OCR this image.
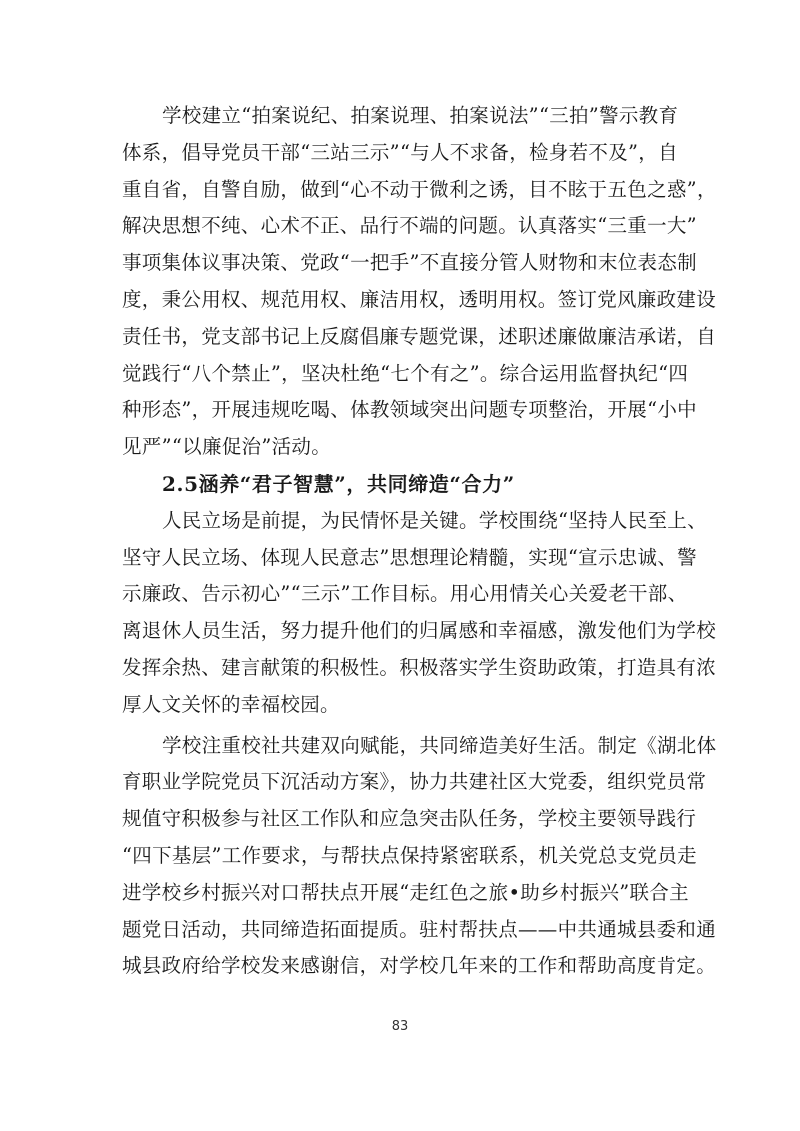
学校建立“拍案说纪、拍案说理、拍案说法”“三拍”警示教育
体系，倡导党员干部“三站三示”“与人不求备，检身若不及”，自
重自省，自警自励，做到“心不动于微利之诱，目不眩于五色之惑”，
解决思想不纯、心术不正、品行不端的问题。认真落实“三重一大”
事项集体议事决策、党政“一把手”不直接分管人财物和末位表态制
度，秉公用权、规范用权、廉洁用权，透明用权。签订党风廉政建设
责任书，党支部书记上反腐倡廉专题党课，述职述廉做廉洁承诺，自
觉践行“八个禁止”，坚决杜绝“七个有之”。综合运用监督执纪“四
种形态”，开展违规吃喝、体教领域突出问题专项整治，开展“小中
见严”“以廉促治”活动。
2.5涵养“君子智慧”，共同缔造“合力”
人民立场是前提，为民情怀是关键。学校围绕“坚持人民至上、
坚守人民立场、体现人民意志”思想理论精髓，实现“宣示忠诚、警
示廉政、告示初心”“三示”工作目标。用心用情关心关爱老干部、
离退休人员生活，努力提升他们的归属感和幸福感，激发他们为学校
发挥余热、建言献策的积极性。积极落实学生资助政策，打造具有浓
厚人文关怀的幸福校园。
学校注重校社共建双向赋能，共同缔造美好生活。制定《湖北体
育职业学院党员下沉活动方案》，协力共建社区大党委，组织党员常
规值守积极参与社区工作队和应急突击队任务，学校主要领导践行
“四下基层”工作要求，与帮扶点保持紧密联系，机关党总支党员走
进学校乡村振兴对口帮扶点开展“走红色之旅•助乡村振兴”联合主
题党日活动，共同缔造拓面提质。驻村帮扶点——中共通城县委和通
城县政府给学校发来感谢信，对学校几年来的工作和帮助高度肯定。
83
